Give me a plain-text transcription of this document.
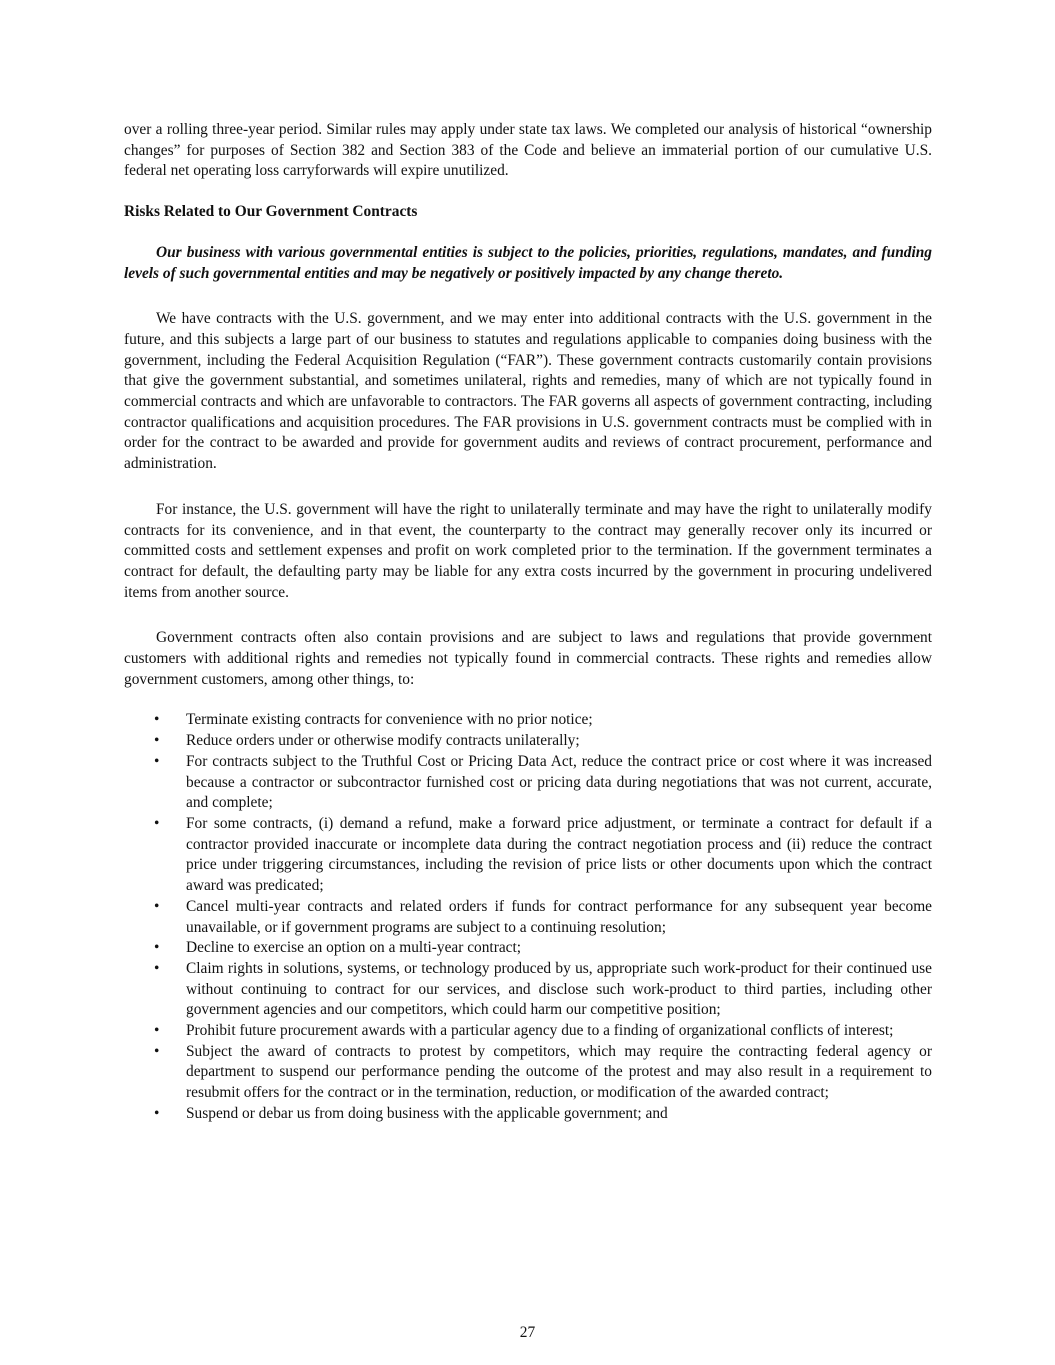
over a rolling three-year period. Similar rules may apply under state tax laws. We completed our analysis of historical “ownership changes” for purposes of Section 382 and Section 383 of the Code and believe an immaterial portion of our cumulative U.S. federal net operating loss carryforwards will expire unutilized.

Risks Related to Our Government Contracts

Our business with various governmental entities is subject to the policies, priorities, regulations, mandates, and funding levels of such governmental entities and may be negatively or positively impacted by any change thereto.

We have contracts with the U.S. government, and we may enter into additional contracts with the U.S. government in the future, and this subjects a large part of our business to statutes and regulations applicable to companies doing business with the government, including the Federal Acquisition Regulation (“FAR”). These government contracts customarily contain provisions that give the government substantial, and sometimes unilateral, rights and remedies, many of which are not typically found in commercial contracts and which are unfavorable to contractors. The FAR governs all aspects of government contracting, including contractor qualifications and acquisition procedures. The FAR provisions in U.S. government contracts must be complied with in order for the contract to be awarded and provide for government audits and reviews of contract procurement, performance and administration.

For instance, the U.S. government will have the right to unilaterally terminate and may have the right to unilaterally modify contracts for its convenience, and in that event, the counterparty to the contract may generally recover only its incurred or committed costs and settlement expenses and profit on work completed prior to the termination. If the government terminates a contract for default, the defaulting party may be liable for any extra costs incurred by the government in procuring undelivered items from another source.

Government contracts often also contain provisions and are subject to laws and regulations that provide government customers with additional rights and remedies not typically found in commercial contracts. These rights and remedies allow government customers, among other things, to:

• Terminate existing contracts for convenience with no prior notice;
• Reduce orders under or otherwise modify contracts unilaterally;
• For contracts subject to the Truthful Cost or Pricing Data Act, reduce the contract price or cost where it was increased because a contractor or subcontractor furnished cost or pricing data during negotiations that was not current, accurate, and complete;
• For some contracts, (i) demand a refund, make a forward price adjustment, or terminate a contract for default if a contractor provided inaccurate or incomplete data during the contract negotiation process and (ii) reduce the contract price under triggering circumstances, including the revision of price lists or other documents upon which the contract award was predicated;
• Cancel multi-year contracts and related orders if funds for contract performance for any subsequent year become unavailable, or if government programs are subject to a continuing resolution;
• Decline to exercise an option on a multi-year contract;
• Claim rights in solutions, systems, or technology produced by us, appropriate such work-product for their continued use without continuing to contract for our services, and disclose such work-product to third parties, including other government agencies and our competitors, which could harm our competitive position;
• Prohibit future procurement awards with a particular agency due to a finding of organizational conflicts of interest;
• Subject the award of contracts to protest by competitors, which may require the contracting federal agency or department to suspend our performance pending the outcome of the protest and may also result in a requirement to resubmit offers for the contract or in the termination, reduction, or modification of the awarded contract;
• Suspend or debar us from doing business with the applicable government; and
27
